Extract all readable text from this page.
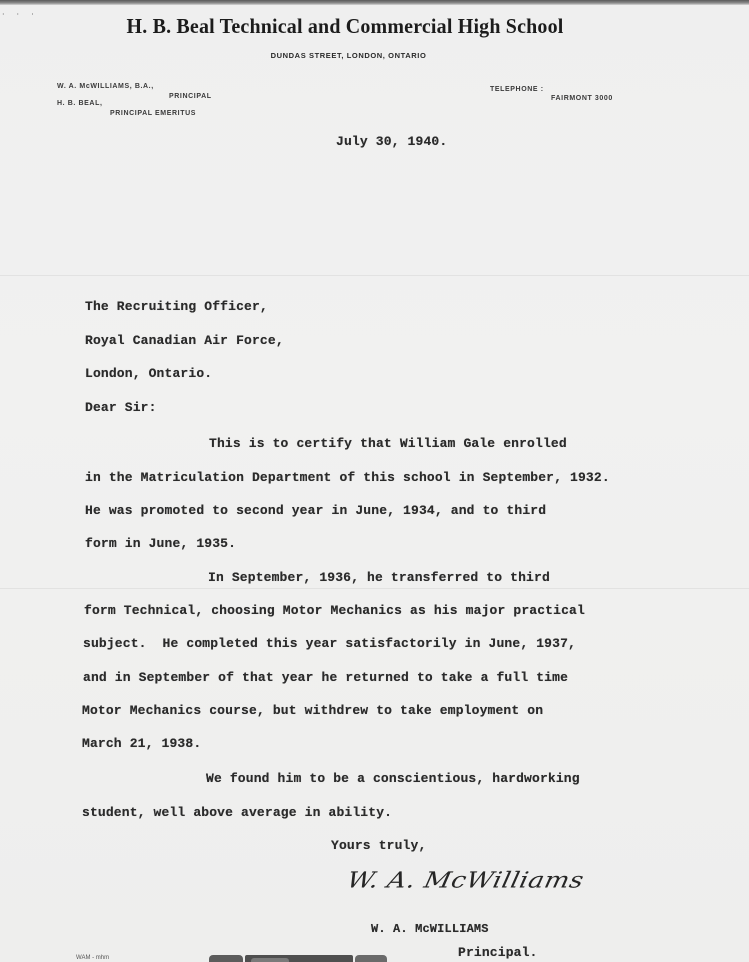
···	H. B. Beal Technical and Commercial High School
DUNDAS STREET, LONDON, ONTARIO
W. A. McWILLIAMS, B.A.,
PRINCIPAL
H. B. BEAL,
PRINCIPAL EMERITUS
TELEPHONE :
FAIRMONT 3000
July 30, 1940.
The Recruiting Officer,
Royal Canadian Air Force,
London, Ontario.
Dear Sir:
This is to certify that William Gale enrolled
in the Matriculation Department of this school in September, 1932.
He was promoted to second year in June, 1934, and to third
form in June, 1935.
In September, 1936, he transferred to third
form Technical, choosing Motor Mechanics as his major practical
subject.  He completed this year satisfactorily in June, 1937,
and in September of that year he returned to take a full time
Motor Mechanics course, but withdrew to take employment on
March 21, 1938.
We found him to be a conscientious, hardworking
student, well above average in ability.
Yours truly,
W. A. McWilliams
W. A. McWILLIAMS
Principal.
WAM - mhm
